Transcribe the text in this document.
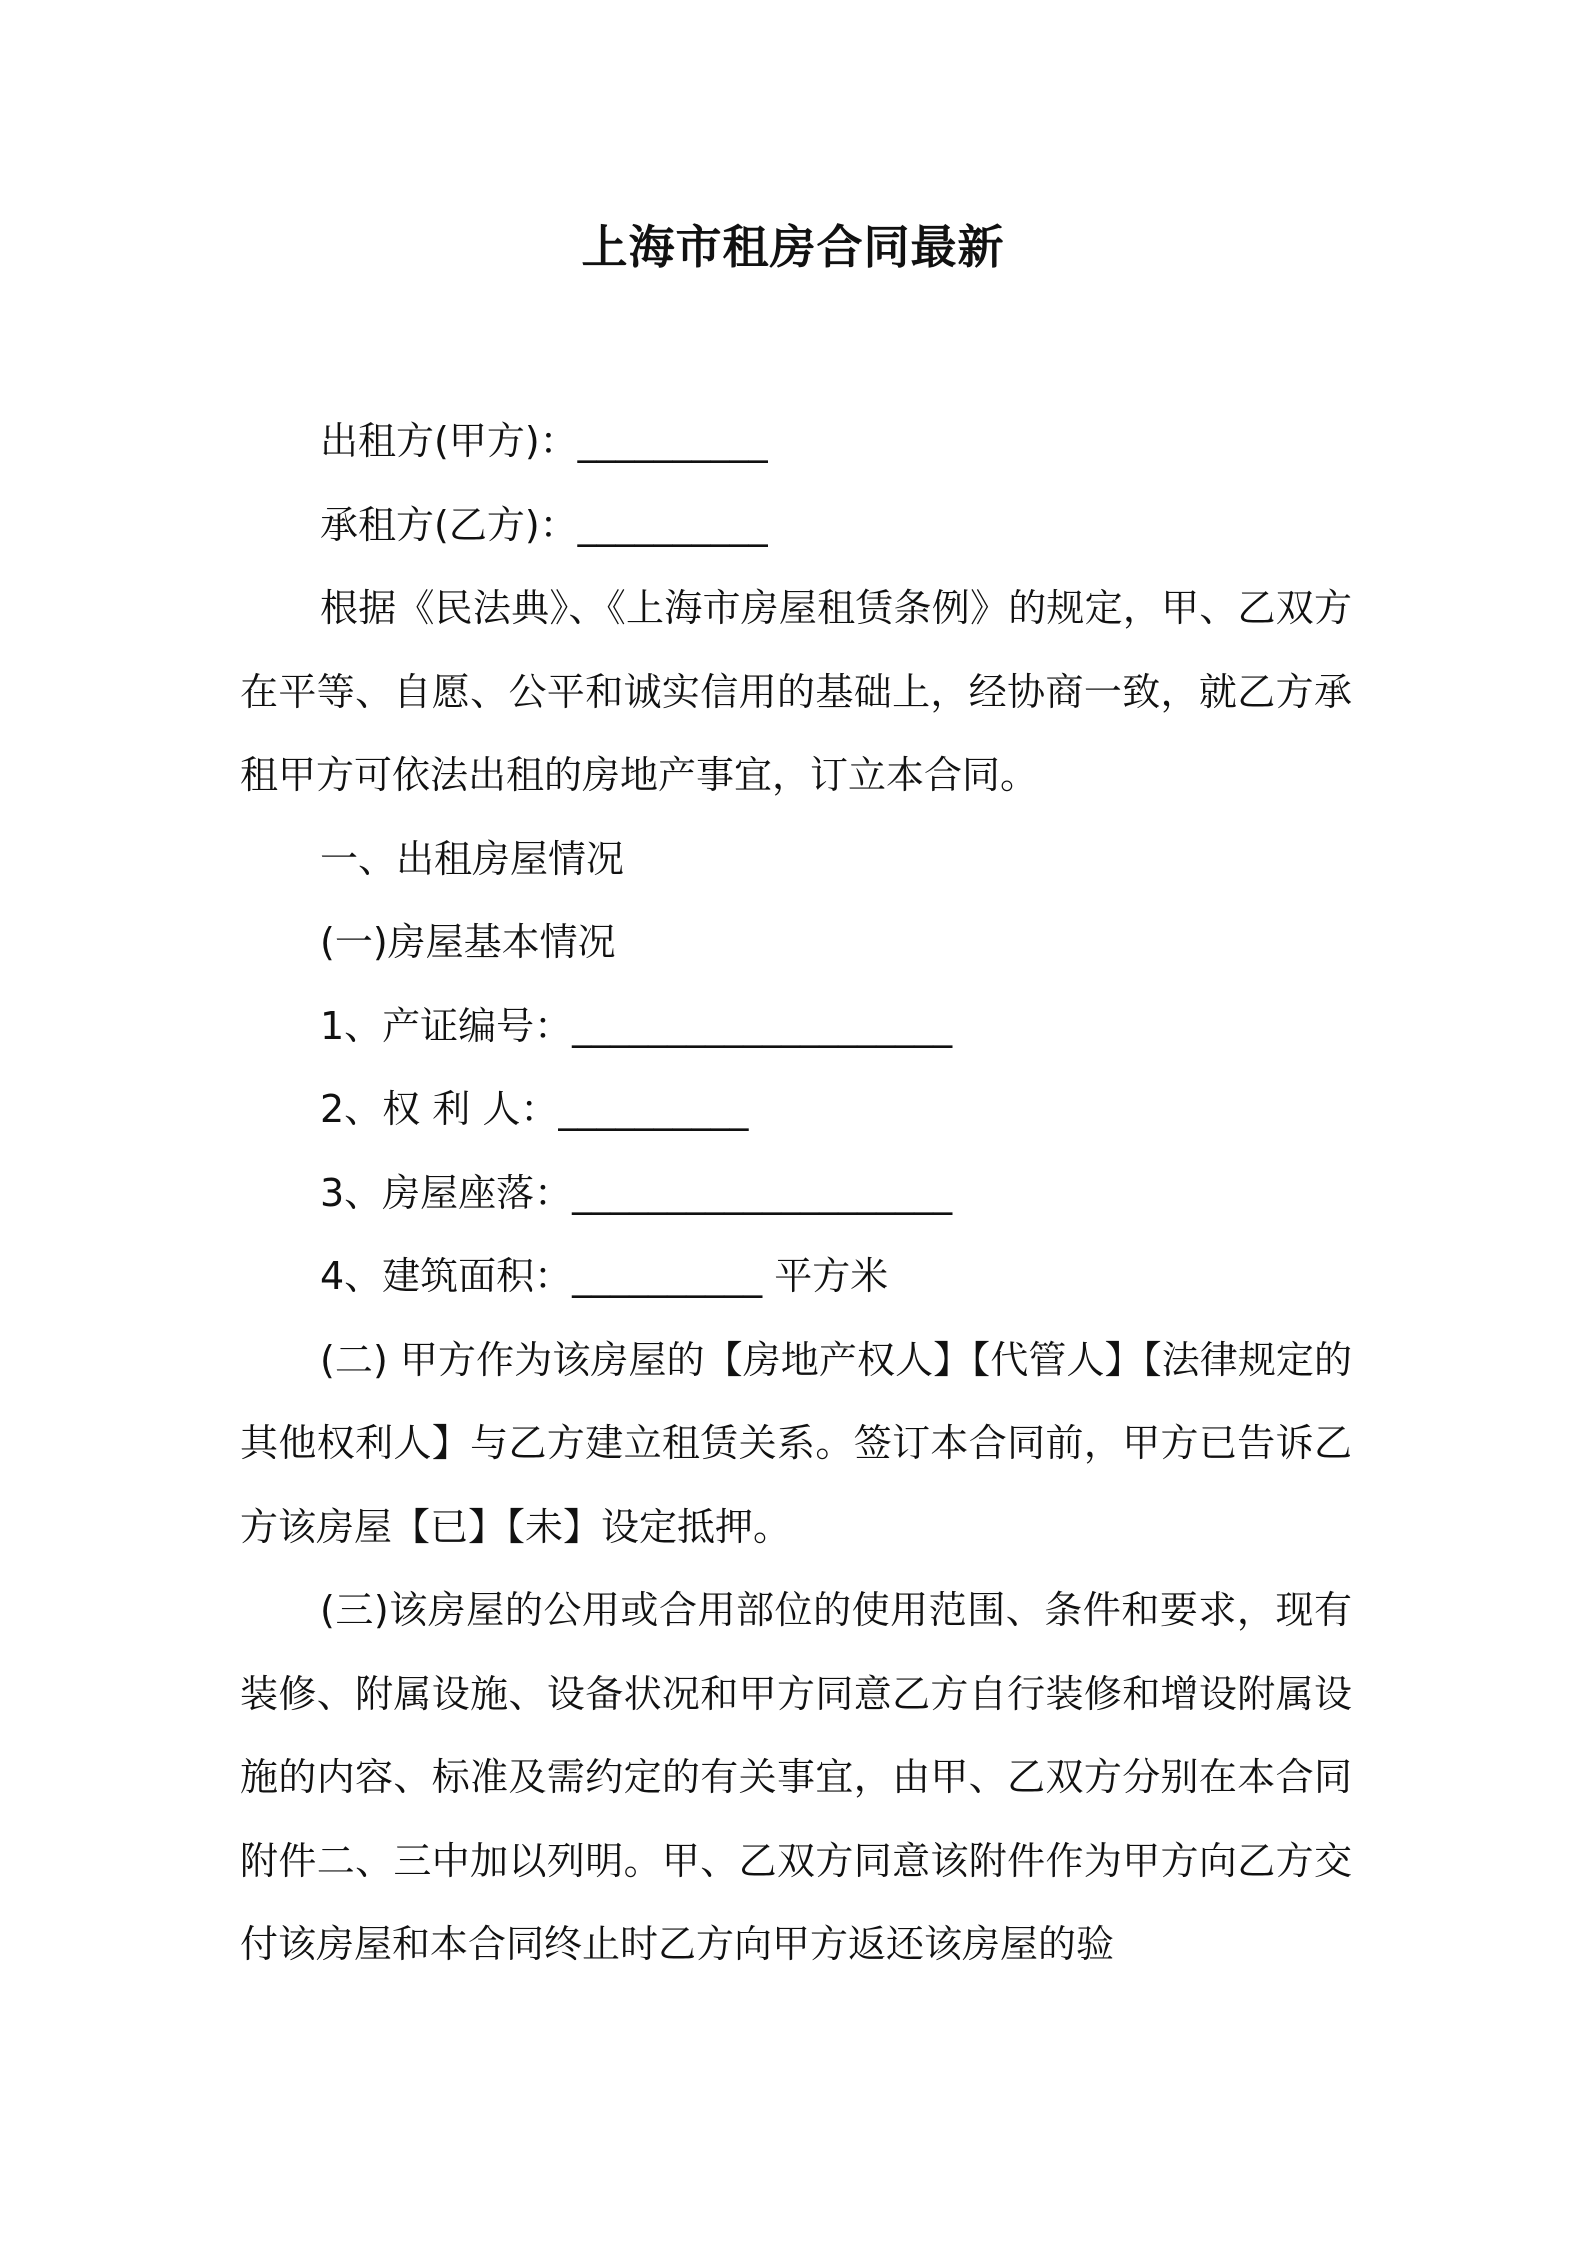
上海市租房合同最新
出租方(甲方)：__________
承租方(乙方)：__________

根据《民法典》、《上海市房屋租赁条例》的规定，甲、乙双方在平等、自愿、公平和诚实信用的基础上，经协商一致，就乙方承租甲方可依法出租的房地产事宜，订立本合同。

一、出租房屋情况
(一)房屋基本情况
1、产证编号：____________________
2、权 利 人：__________
3、房屋座落：____________________
4、建筑面积：__________ 平方米

(二) 甲方作为该房屋的【房地产权人】【代管人】【法律规定的其他权利人】与乙方建立租赁关系。签订本合同前，甲方已告诉乙方该房屋【已】【未】设定抵押。

(三)该房屋的公用或合用部位的使用范围、条件和要求，现有装修、附属设施、设备状况和甲方同意乙方自行装修和增设附属设施的内容、标准及需约定的有关事宜，由甲、乙双方分别在本合同附件二、三中加以列明。甲、乙双方同意该附件作为甲方向乙方交付该房屋和本合同终止时乙方向甲方返还该房屋的验
